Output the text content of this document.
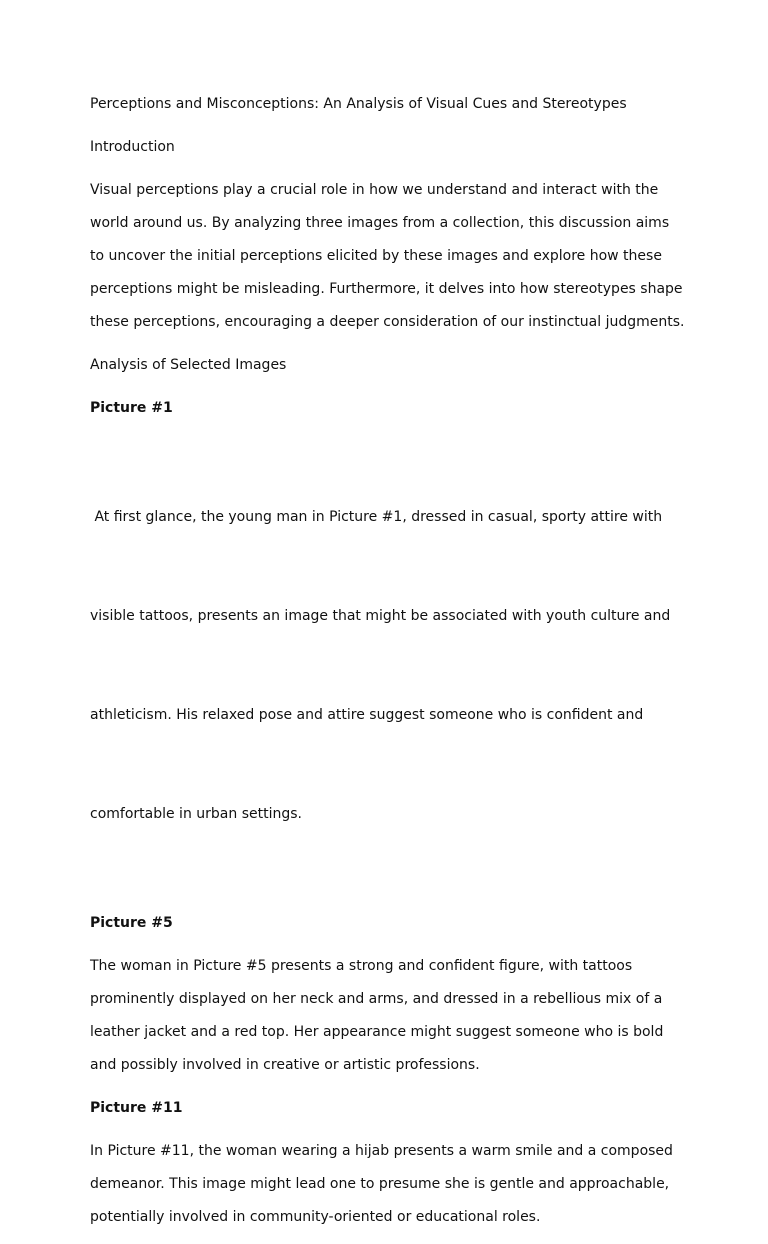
Perceptions and Misconceptions: An Analysis of Visual Cues and Stereotypes
Introduction
Visual perceptions play a crucial role in how we understand and interact with the
world around us. By analyzing three images from a collection, this discussion aims
to uncover the initial perceptions elicited by these images and explore how these
perceptions might be misleading. Furthermore, it delves into how stereotypes shape
these perceptions, encouraging a deeper consideration of our instinctual judgments.
Analysis of Selected Images
Picture #1

At first glance, the young man in Picture #1, dressed in casual, sporty attire with

visible tattoos, presents an image that might be associated with youth culture and

athleticism. His relaxed pose and attire suggest someone who is confident and

comfortable in urban settings.

Picture #5
The woman in Picture #5 presents a strong and confident figure, with tattoos
prominently displayed on her neck and arms, and dressed in a rebellious mix of a
leather jacket and a red top. Her appearance might suggest someone who is bold
and possibly involved in creative or artistic professions.
Picture #11
In Picture #11, the woman wearing a hijab presents a warm smile and a composed
demeanor. This image might lead one to presume she is gentle and approachable,
potentially involved in community-oriented or educational roles.
